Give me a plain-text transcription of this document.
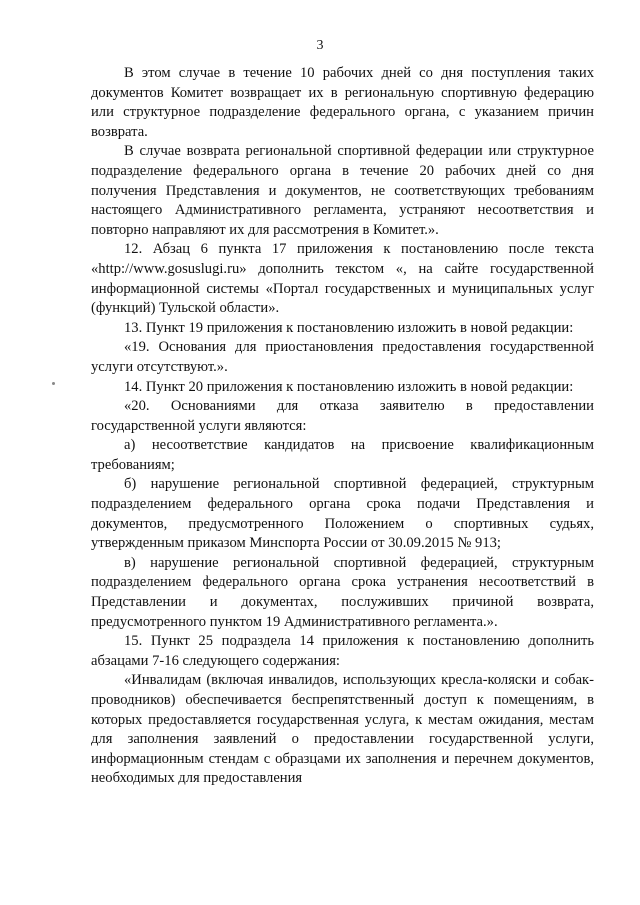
3

В этом случае в течение 10 рабочих дней со дня поступления таких документов Комитет возвращает их в региональную спортивную федерацию или структурное подразделение федерального органа, с указанием причин возврата.

В случае возврата региональной спортивной федерации или структурное подразделение федерального органа в течение 20 рабочих дней со дня получения Представления и документов, не соответствующих требованиям настоящего Административного регламента, устраняют несоответствия и повторно направляют их для рассмотрения в Комитет.».

12. Абзац 6 пункта 17 приложения к постановлению после текста «http://www.gosuslugi.ru» дополнить текстом «, на сайте государственной информационной системы «Портал государственных и муниципальных услуг (функций) Тульской области».

13. Пункт 19 приложения к постановлению изложить в новой редакции:

«19. Основания для приостановления предоставления государственной услуги отсутствуют.».

14. Пункт 20 приложения к постановлению изложить в новой редакции:

«20. Основаниями для отказа заявителю в предоставлении государственной услуги являются:

а) несоответствие кандидатов на присвоение квалификационным требованиям;

б) нарушение региональной спортивной федерацией, структурным подразделением федерального органа срока подачи Представления и документов, предусмотренного Положением о спортивных судьях, утвержденным приказом Минспорта России от 30.09.2015 № 913;

в) нарушение региональной спортивной федерацией, структурным подразделением федерального органа срока устранения несоответствий в Представлении и документах, послуживших причиной возврата, предусмотренного пунктом 19 Административного регламента.».

15. Пункт 25 подраздела 14 приложения к постановлению дополнить абзацами 7-16 следующего содержания:

«Инвалидам (включая инвалидов, использующих кресла-коляски и собак-проводников) обеспечивается беспрепятственный доступ к помещениям, в которых предоставляется государственная услуга, к местам ожидания, местам для заполнения заявлений о предоставлении государственной услуги, информационным стендам с образцами их заполнения и перечнем документов, необходимых для предоставления
